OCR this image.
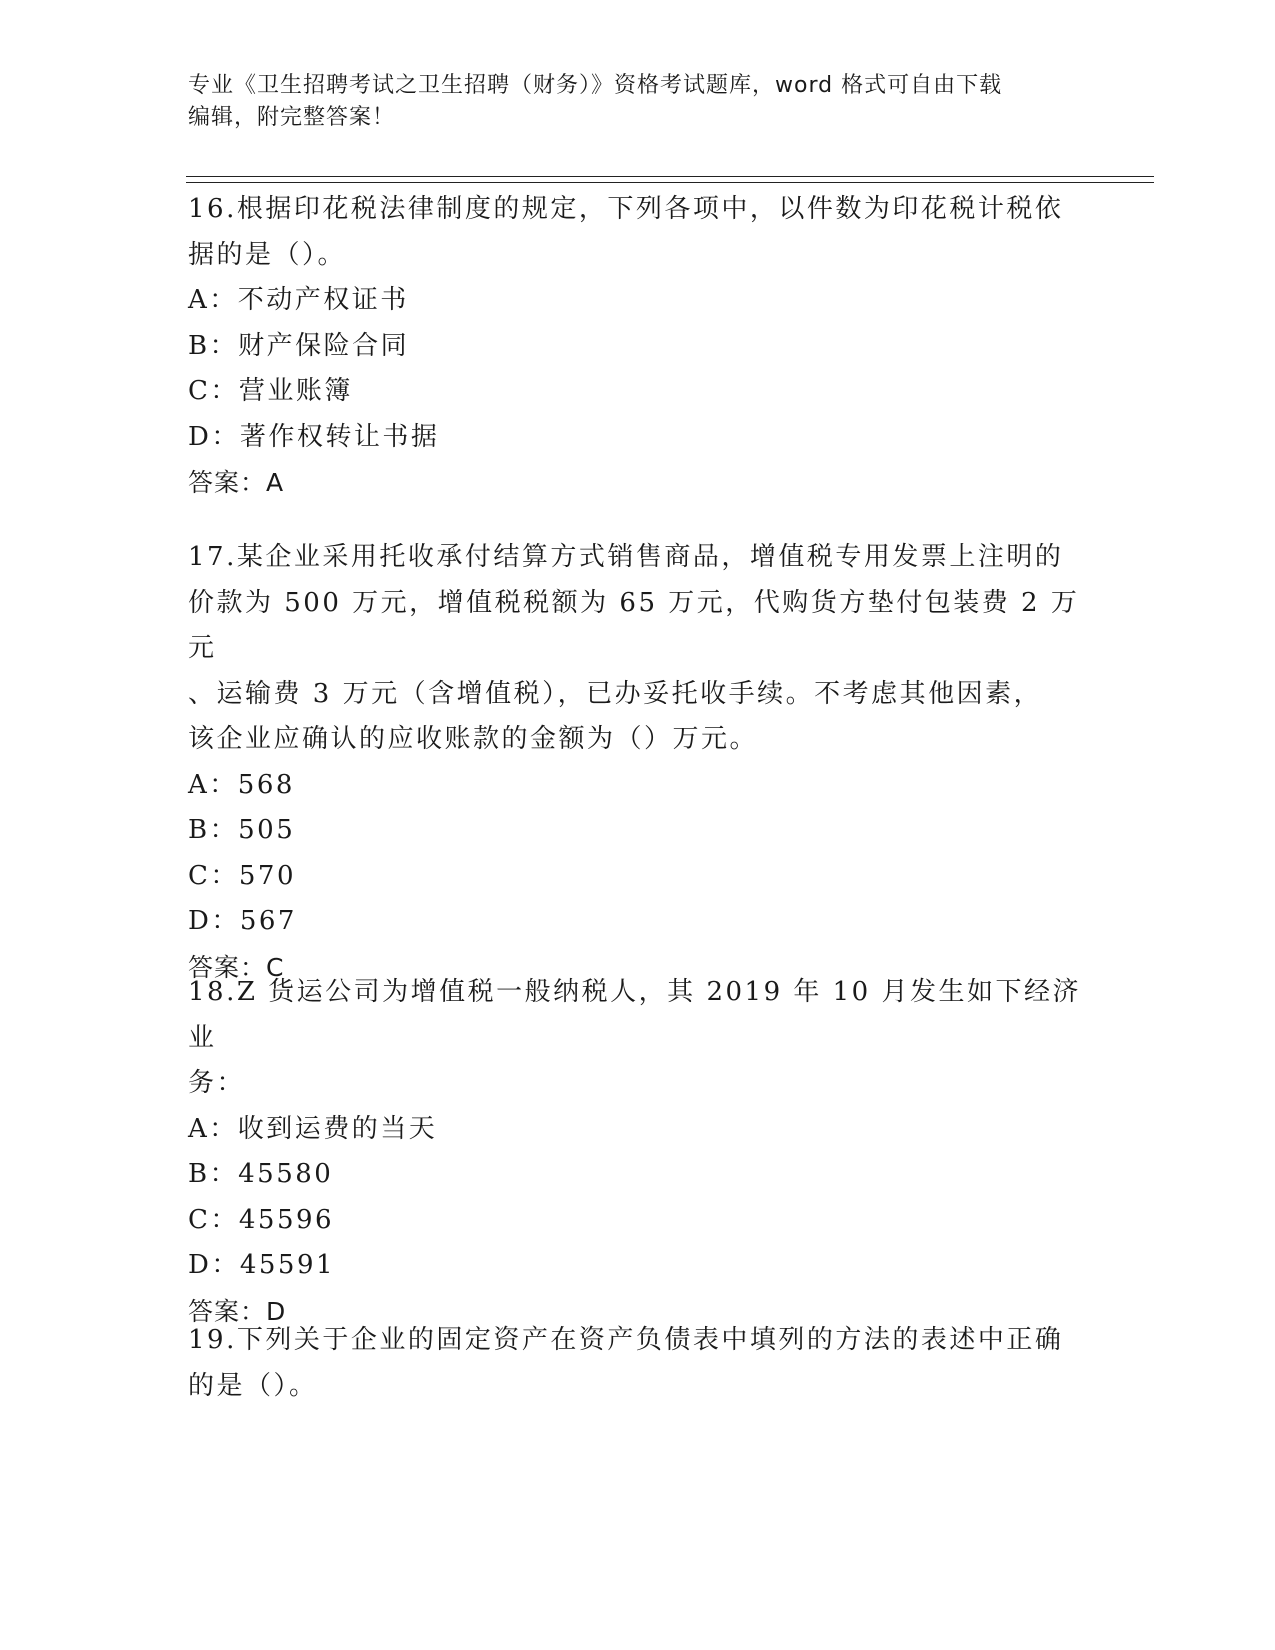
专业《卫生招聘考试之卫生招聘（财务）》资格考试题库，word 格式可自由下载
编辑，附完整答案！
16.根据印花税法律制度的规定，下列各项中，以件数为印花税计税依
据的是（）。
A：不动产权证书
B：财产保险合同
C：营业账簿
D：著作权转让书据
答案：A
17.某企业采用托收承付结算方式销售商品，增值税专用发票上注明的
价款为 500 万元，增值税税额为 65 万元，代购货方垫付包装费 2 万元
、运输费 3 万元（含增值税），已办妥托收手续。不考虑其他因素，
该企业应确认的应收账款的金额为（）万元。
A：568
B：505
C：570
D：567
答案：C
18.Z 货运公司为增值税一般纳税人，其 2019 年 10 月发生如下经济业
务：
A：收到运费的当天
B：45580
C：45596
D：45591
答案：D
19.下列关于企业的固定资产在资产负债表中填列的方法的表述中正确
的是（）。
